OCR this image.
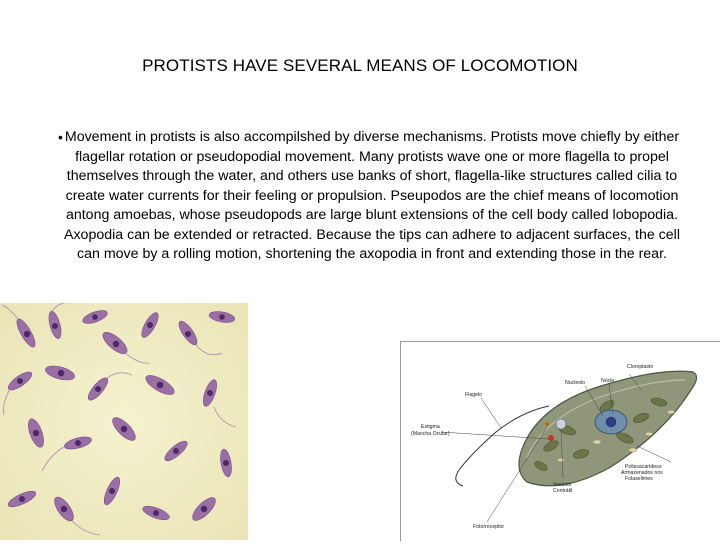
PROTISTS HAVE SEVERAL MEANS OF LOCOMOTION
• Movement in protists is also accompilshed by diverse mechanisms. Protists move chiefly by either flagellar rotation or pseudopodial movement. Many protists wave one or more flagella to propel themselves through the water, and others use banks of short, flagella-like structures called cilia to create water currents for their feeling or propulsion. Pseupodos are the chief means of locomotion antong amoebas, whose pseudopods are large blunt extensions of the cell body called lobopodia. Axopodia can be extended or retracted. Because the tips can adhere to adjacent surfaces, the cell can move by a rolling motion, shortening the axopodia in front and extending those in the rear.
Cloroplasto
Nucleolo	Núcle
Flagelo
Estigma
(Mancha Ocular)
Polissacarídeos
Armazenados nos
Folaselimes
Vacúolo
Contrátil
Fotorreceptor
